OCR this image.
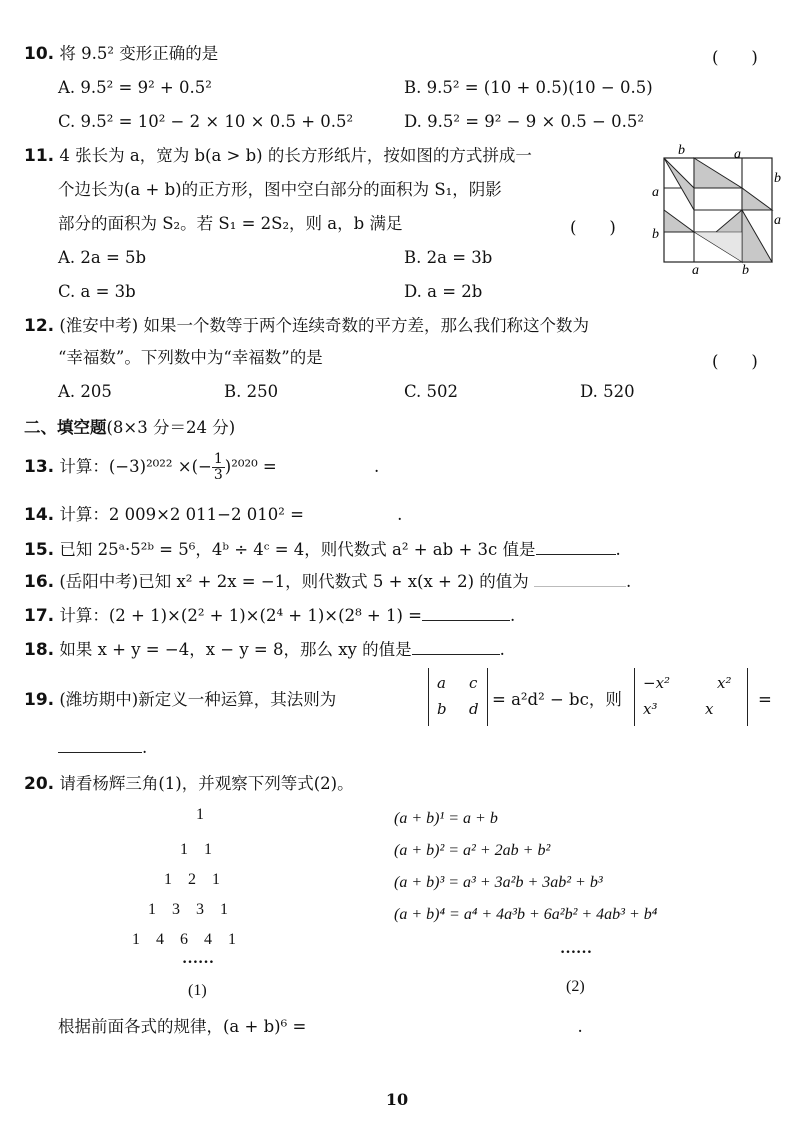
10. 将 9.5² 变形正确的是	(　　)
A. 9.5² = 9² + 0.5²	B. 9.5² = (10 + 0.5)(10 − 0.5)
C. 9.5² = 10² − 2 × 10 × 0.5 + 0.5²	D. 9.5² = 9² − 9 × 0.5 − 0.5²
11. 4 张长为 a，宽为 b(a > b) 的长方形纸片，按如图的方式拼成一
个边长为(a + b)的正方形，图中空白部分的面积为 S₁，阴影
部分的面积为 S₂。若 S₁ = 2S₂，则 a，b 满足	(　　)
A. 2a = 5b	B. 2a = 3b
C. a = 3b	D. a = 2b
b	a
a
b
b
a
a	b
12. (淮安中考) 如果一个数等于两个连续奇数的平方差，那么我们称这个数为
“幸福数”。下列数中为“幸福数”的是	(　　)
A. 205	B. 250	C. 502	D. 520
二、填空题(8×3 分＝24 分)
13. 计算：(−3)²⁰²² ×(− $\frac{1}{3} )^{2020}$ =	.
14. 计算：2 009×2 011−2 010² =	.
15. 已知 25ᵃ·5²ᵇ = 5⁶，4ᵇ ÷ 4ᶜ = 4，则代数式 a² + ab + 3c 值是	.
16. (岳阳中考)已知 x² + 2x = −1，则代数式 5 + x(x + 2) 的值为	.
17. 计算：(2 + 1)×(2² + 1)×(2⁴ + 1)×(2⁸ + 1) =	.
18. 如果 x + y = −4，x − y = 8，那么 xy 的值是	.
19. (潍坊期中)新定义一种运算，其法则为
a c
b d = a²d² − bc，则
−x²	x²
x³	x	=
.
20. 请看杨辉三角(1)，并观察下列等式(2)。
1
1　1
1　2　1
1　3　3　1
1　4　6　4　1
……
(1)
(a + b)¹ = a + b
(a + b)² = a² + 2ab + b²
(a + b)³ = a³ + 3a²b + 3ab² + b³
(a + b)⁴ = a⁴ + 4a³b + 6a²b² + 4ab³ + b⁴
……
(2)
根据前面各式的规律，(a + b)⁶ =	.
10
